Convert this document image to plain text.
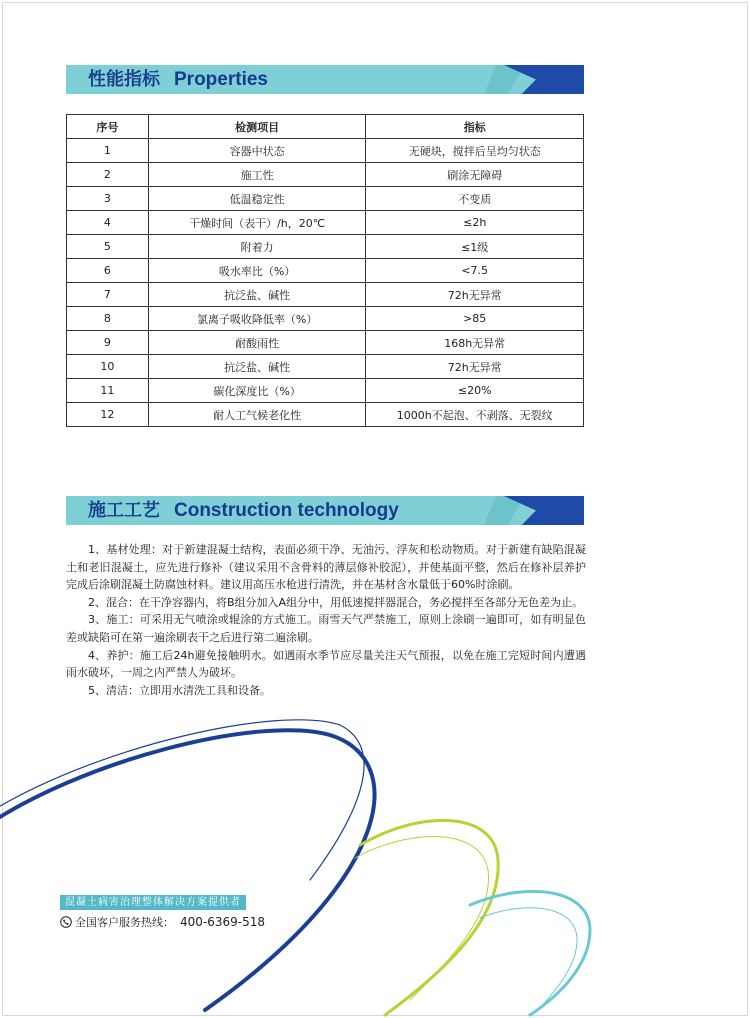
性能指标 Properties
序号	检测项目	指标
1	容器中状态	无硬块，搅拌后呈均匀状态
2	施工性	刷涂无障碍
3	低温稳定性	不变质
4	干燥时间（表干）/h，20℃	≤2h
5	附着力	≤1级
6	吸水率比（%）	<7.5
7	抗泛盐、碱性	72h无异常
8	氯离子吸收降低率（%）	>85
9	耐酸雨性	168h无异常
10	抗泛盐、碱性	72h无异常
11	碳化深度比（%）	≤20%
12	耐人工气候老化性	1000h不起泡、不剥落、无裂纹
施工工艺 Construction technology

1、基材处理：对于新建混凝土结构，表面必须干净、无油污、浮灰和松动物质。对于新建有缺陷混凝土和老旧混凝土，应先进行修补（建议采用不含骨料的薄层修补胶泥），并使基面平整，然后在修补层养护完成后涂刷混凝土防腐蚀材料。建议用高压水枪进行清洗，并在基材含水量低于60%时涂刷。

2、混合：在干净容器内，将B组分加入A组分中，用低速搅拌器混合，务必搅拌至各部分无色差为止。

3、施工：可采用无气喷涂或辊涂的方式施工。雨雪天气严禁施工，原则上涂刷一遍即可，如有明显色差或缺陷可在第一遍涂刷表干之后进行第二遍涂刷。

4、养护：施工后24h避免接触明水。如遇雨水季节应尽量关注天气预报，以免在施工完短时间内遭遇雨水破坏，一周之内严禁人为破坏。

5、清洁：立即用水清洗工具和设备。

混凝土病害治理整体解决方案提供者
全国客户服务热线： 400-6369-518
